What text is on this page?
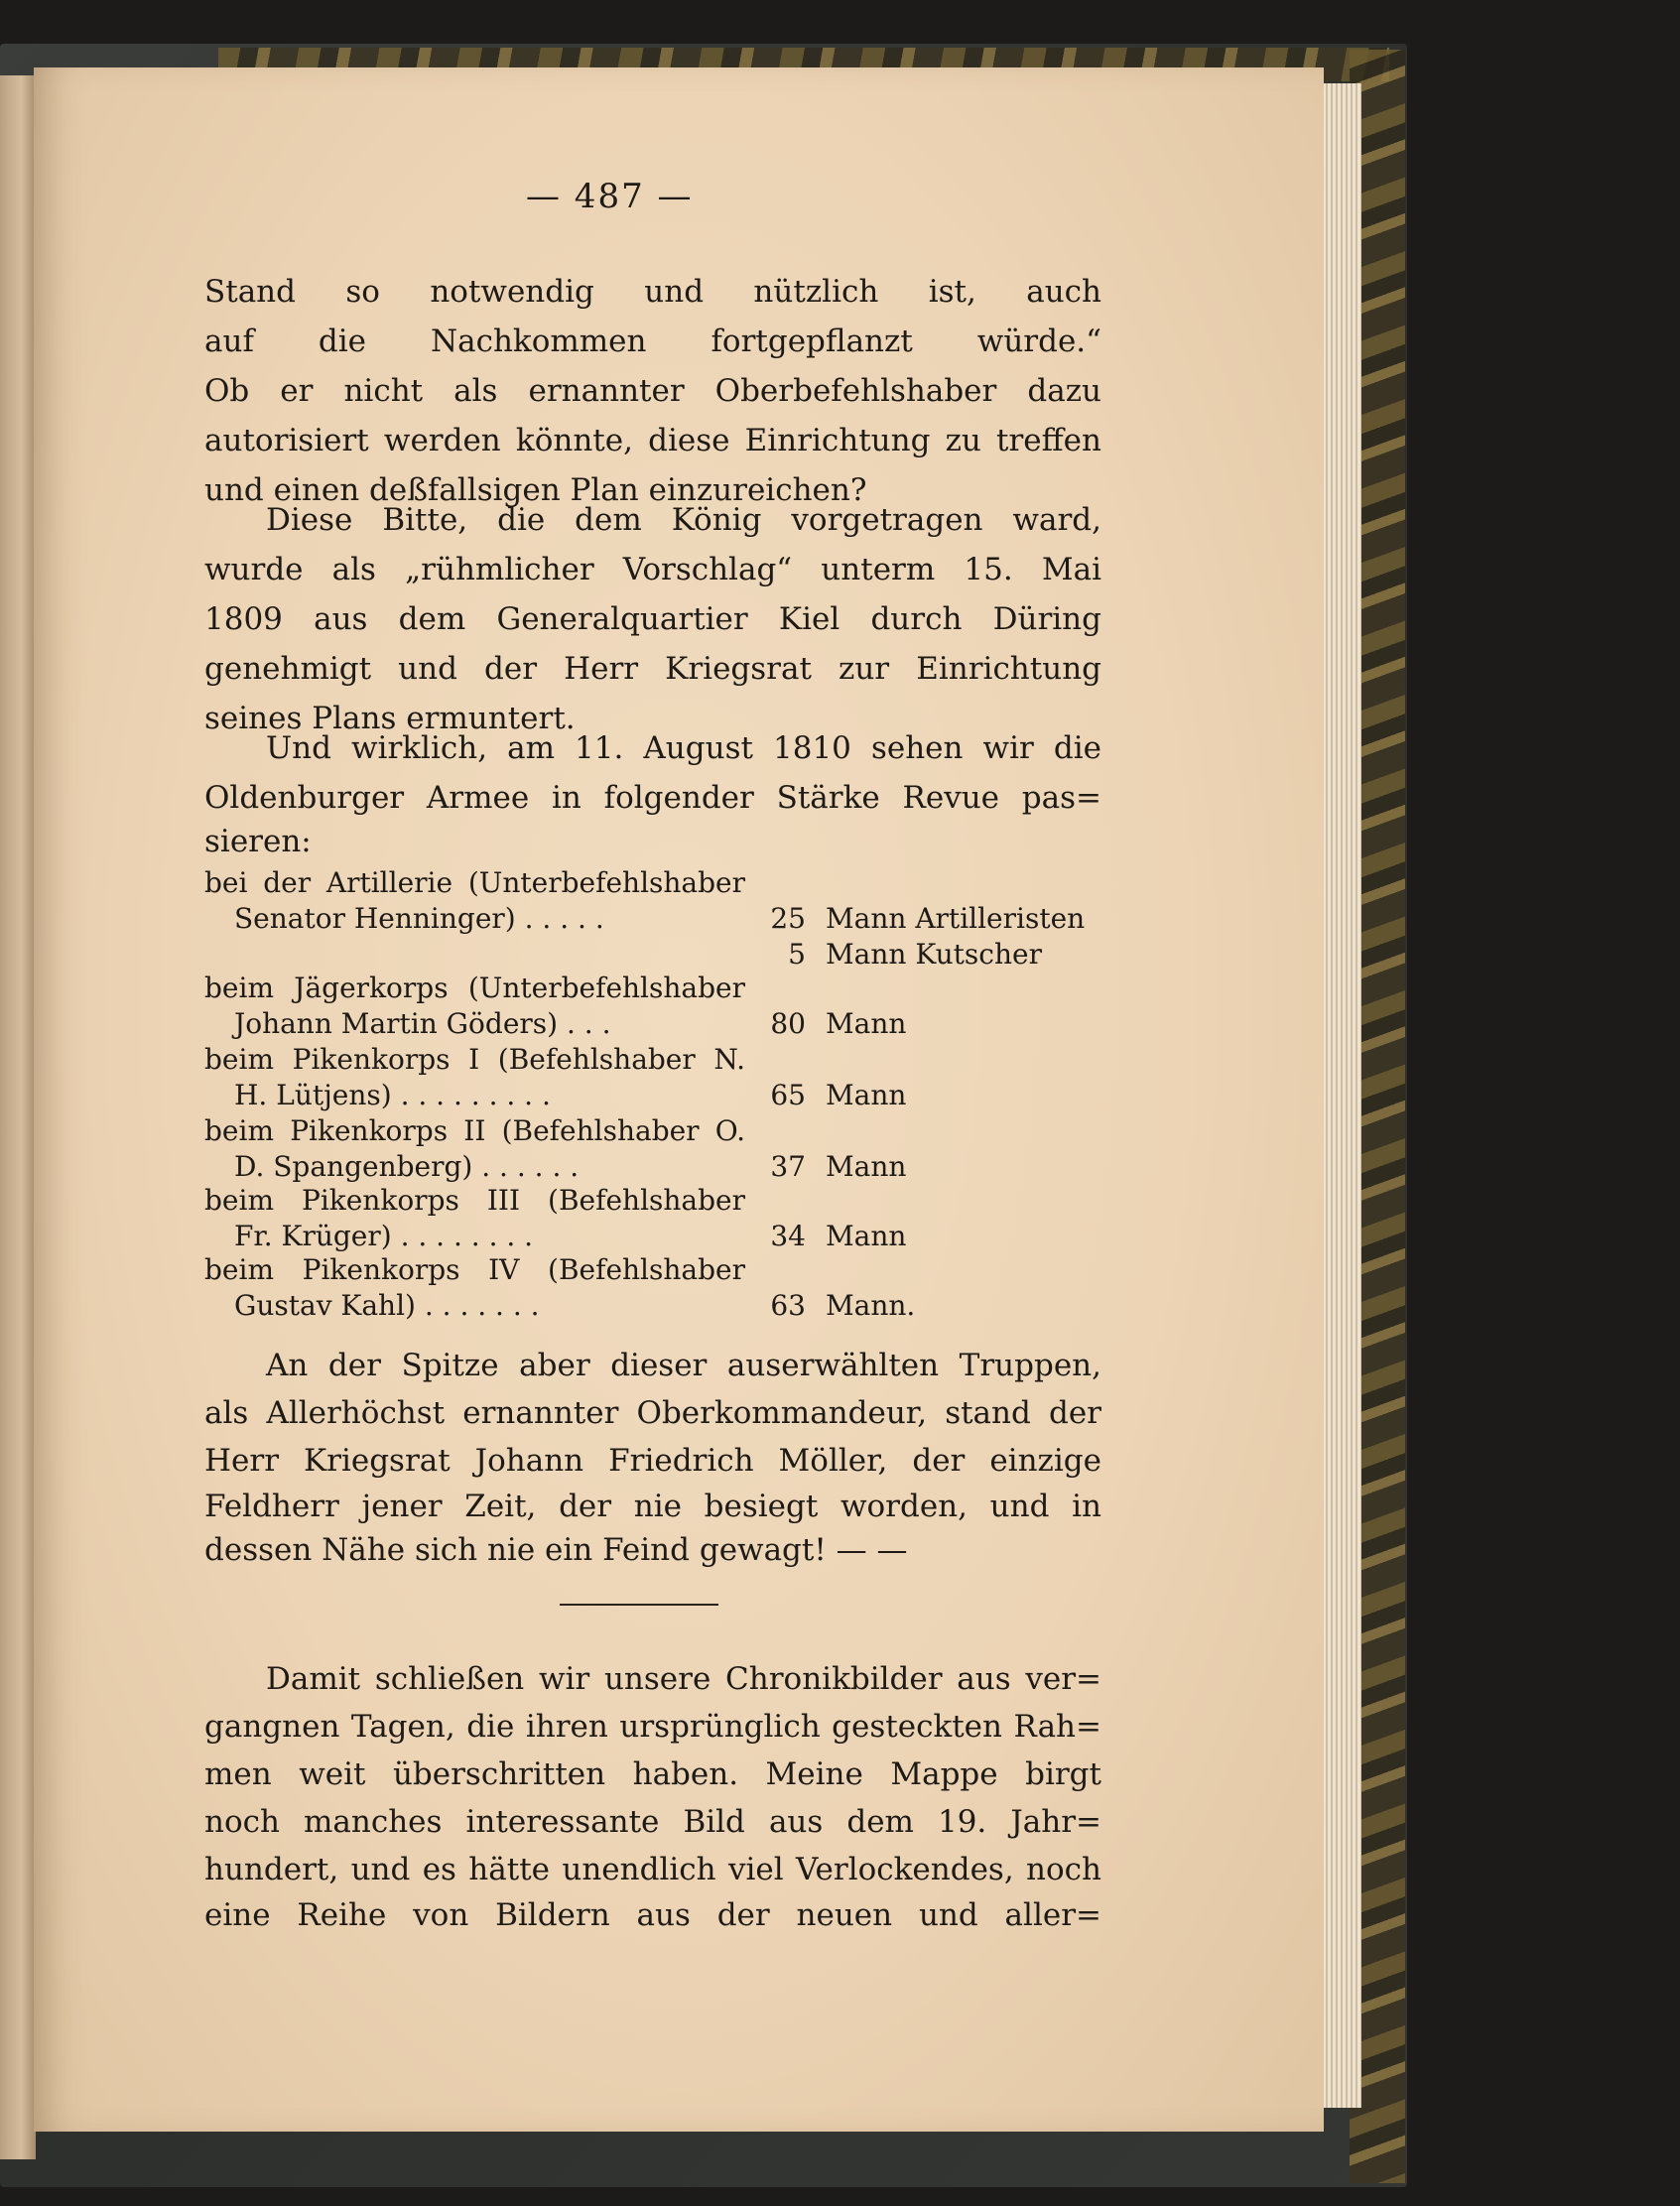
— 487 —
Stand so notwendig und nützlich ist, auch
auf die Nachkommen fortgepflanzt würde.“
Ob er nicht als ernannter Oberbefehlshaber dazu
autorisiert werden könnte, diese Einrichtung zu treffen
und einen deßfallsigen Plan einzureichen?
Diese Bitte, die dem König vorgetragen ward,
wurde als „rühmlicher Vorschlag“ unterm 15. Mai
1809 aus dem Generalquartier Kiel durch Düring
genehmigt und der Herr Kriegsrat zur Einrichtung
seines Plans ermuntert.
Und wirklich, am 11. August 1810 sehen wir die
Oldenburger Armee in folgender Stärke Revue pas=
sieren:
bei der Artillerie (Unterbefehlshaber
Senator Henninger) . . . . .	25 Mann Artilleristen
5 Mann Kutscher
beim Jägerkorps (Unterbefehlshaber
Johann Martin Göders) . . .	80 Mann
beim Pikenkorps I (Befehlshaber N.
H. Lütjens) . . . . . . . . .	65 Mann
beim Pikenkorps II (Befehlshaber O.
D. Spangenberg) . . . . . .	37 Mann
beim Pikenkorps III (Befehlshaber
Fr. Krüger) . . . . . . . .	34 Mann
beim Pikenkorps IV (Befehlshaber
Gustav Kahl) . . . . . . .	63 Mann.
An der Spitze aber dieser auserwählten Truppen,
als Allerhöchst ernannter Oberkommandeur, stand der
Herr Kriegsrat Johann Friedrich Möller, der einzige
Feldherr jener Zeit, der nie besiegt worden, und in
dessen Nähe sich nie ein Feind gewagt! — —
Damit schließen wir unsere Chronikbilder aus ver=
gangnen Tagen, die ihren ursprünglich gesteckten Rah=
men weit überschritten haben. Meine Mappe birgt
noch manches interessante Bild aus dem 19. Jahr=
hundert, und es hätte unendlich viel Verlockendes, noch
eine Reihe von Bildern aus der neuen und aller=
